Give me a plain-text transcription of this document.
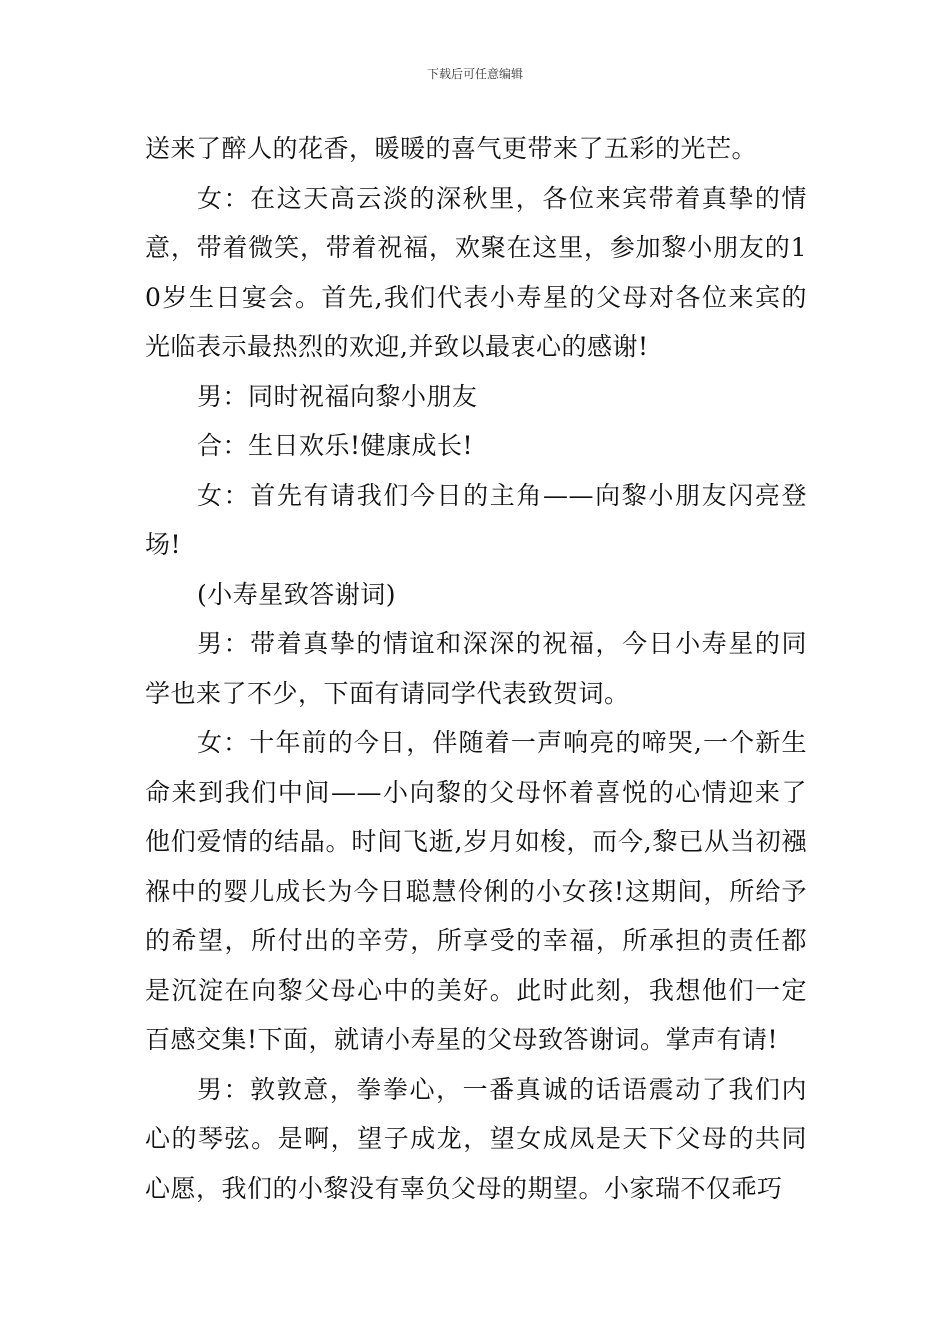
下载后可任意编辑

送来了醉人的花香，暖暖的喜气更带来了五彩的光芒。

女：在这天高云淡的深秋里，各位来宾带着真挚的情意，带着微笑，带着祝福，欢聚在这里，参加黎小朋友的10岁生日宴会。首先,我们代表小寿星的父母对各位来宾的光临表示最热烈的欢迎,并致以最衷心的感谢!

男：同时祝福向黎小朋友

合：生日欢乐!健康成长!

女：首先有请我们今日的主角——向黎小朋友闪亮登场!

(小寿星致答谢词)

男：带着真挚的情谊和深深的祝福，今日小寿星的同学也来了不少，下面有请同学代表致贺词。

女：十年前的今日，伴随着一声响亮的啼哭,一个新生命来到我们中间——小向黎的父母怀着喜悦的心情迎来了他们爱情的结晶。时间飞逝,岁月如梭，而今,黎已从当初襁褓中的婴儿成长为今日聪慧伶俐的小女孩!这期间，所给予的希望，所付出的辛劳，所享受的幸福，所承担的责任都是沉淀在向黎父母心中的美好。此时此刻，我想他们一定百感交集!下面，就请小寿星的父母致答谢词。掌声有请!

男：敦敦意，拳拳心，一番真诚的话语震动了我们内心的琴弦。是啊，望子成龙，望女成凤是天下父母的共同心愿，我们的小黎没有辜负父母的期望。小家瑞不仅乖巧
